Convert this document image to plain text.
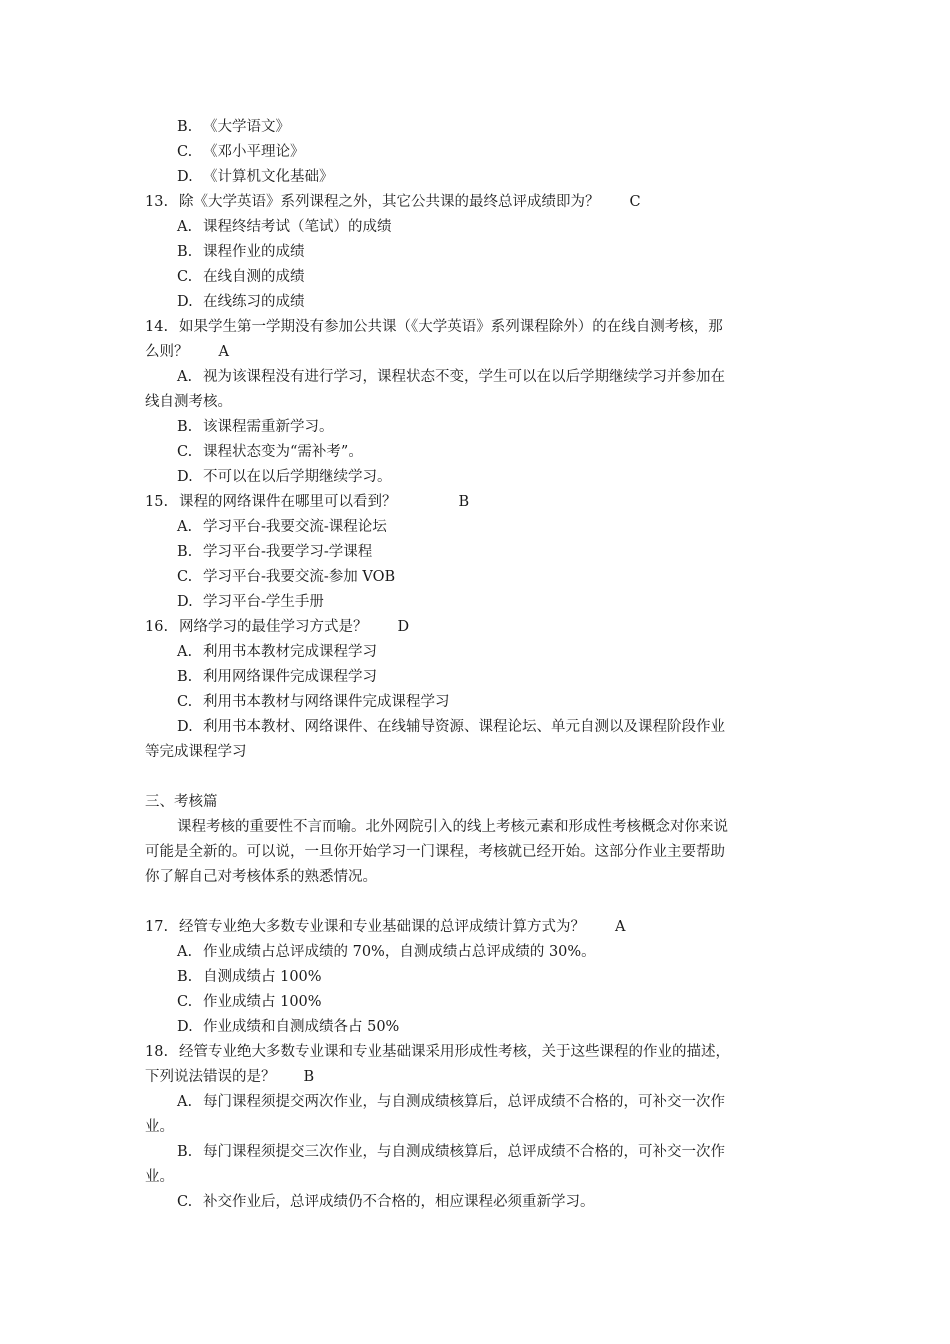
B. 《大学语文》
C. 《邓小平理论》
D. 《计算机文化基础》
13. 除《大学英语》系列课程之外，其它公共课的最终总评成绩即为？ C
A. 课程终结考试（笔试）的成绩
B. 课程作业的成绩
C. 在线自测的成绩
D. 在线练习的成绩
14. 如果学生第一学期没有参加公共课（《大学英语》系列课程除外）的在线自测考核，那
么则？ A
A. 视为该课程没有进行学习，课程状态不变，学生可以在以后学期继续学习并参加在
线自测考核。
B. 该课程需重新学习。
C. 课程状态变为“需补考”。
D. 不可以在以后学期继续学习。
15. 课程的网络课件在哪里可以看到？	B
A. 学习平台-我要交流-课程论坛
B. 学习平台-我要学习-学课程
C. 学习平台-我要交流-参加 VOB
D. 学习平台-学生手册
16. 网络学习的最佳学习方式是？ D
A. 利用书本教材完成课程学习
B. 利用网络课件完成课程学习
C. 利用书本教材与网络课件完成课程学习
D. 利用书本教材、网络课件、在线辅导资源、课程论坛、单元自测以及课程阶段作业
等完成课程学习
三、考核篇
课程考核的重要性不言而喻。北外网院引入的线上考核元素和形成性考核概念对你来说
可能是全新的。可以说，一旦你开始学习一门课程，考核就已经开始。这部分作业主要帮助
你了解自己对考核体系的熟悉情况。
17. 经管专业绝大多数专业课和专业基础课的总评成绩计算方式为？ A
A. 作业成绩占总评成绩的 70%，自测成绩占总评成绩的 30%。
B. 自测成绩占 100%
C. 作业成绩占 100%
D. 作业成绩和自测成绩各占 50%
18. 经管专业绝大多数专业课和专业基础课采用形成性考核，关于这些课程的作业的描述，
下列说法错误的是？ B
A. 每门课程须提交两次作业，与自测成绩核算后，总评成绩不合格的，可补交一次作
业。
B. 每门课程须提交三次作业，与自测成绩核算后，总评成绩不合格的，可补交一次作
业。
C. 补交作业后，总评成绩仍不合格的，相应课程必须重新学习。
